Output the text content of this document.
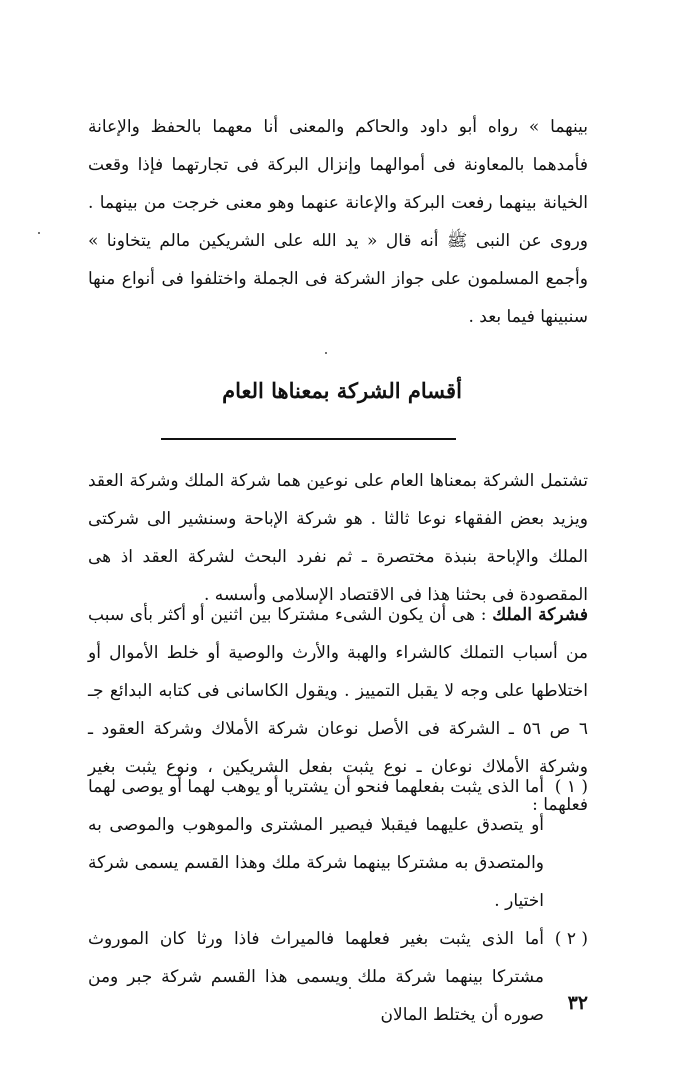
بينهما » رواه أبو داود والحاكم والمعنى أنا معهما بالحفظ والإعانة فأمدهما بالمعاونة فى أموالهما وإنزال البركة فى تجارتهما فإذا وقعت الخيانة بينهما رفعت البركة والإعانة عنهما وهو معنى خرجت من بينهما . وروى عن النبى ﷺ أنه قال « يد الله على الشريكين مالم يتخاونا » وأجمع المسلمون على جواز الشركة فى الجملة واختلفوا فى أنواع منها سنبينها فيما بعد .

أقسام الشركة بمعناها العام

تشتمل الشركة بمعناها العام على نوعين هما شركة الملك وشركة العقد ويزيد بعض الفقهاء نوعا ثالثا . هو شركة الإباحة وسنشير الى شركتى الملك والإباحة بنبذة مختصرة ـ ثم نفرد البحث لشركة العقد اذ هى المقصودة فى بحثنا هذا فى الاقتصاد الإسلامى وأسسه .

فشركة الملك : هى أن يكون الشىء مشتركا بين اثنين أو أكثر بأى سبب من أسباب التملك كالشراء والهبة والأرث والوصية أو خلط الأموال أو اختلاطها على وجه لا يقبل التمييز . ويقول الكاسانى فى كتابه البدائع جـ ٦ ص ٥٦ ـ الشركة فى الأصل نوعان شركة الأملاك وشركة العقود ـ وشركة الأملاك نوعان ـ نوع يثبت بفعل الشريكين ، ونوع يثبت بغير فعلهما :

( ١ )
أما الذى يثبت بفعلهما فنحو أن يشتريا أو يوهب لهما أو يوصى لهما أو يتصدق عليهما فيقبلا فيصير المشترى والموهوب والموصى به والمتصدق به مشتركا بينهما شركة ملك وهذا القسم يسمى شركة اختيار .
( ٢ )
أما الذى يثبت بغير فعلهما فالميراث فاذا ورثا كان الموروث مشتركا بينهما شركة ملك ويسمى هذا القسم شركة جبر ومن صوره أن يختلط المالان

٣٢
